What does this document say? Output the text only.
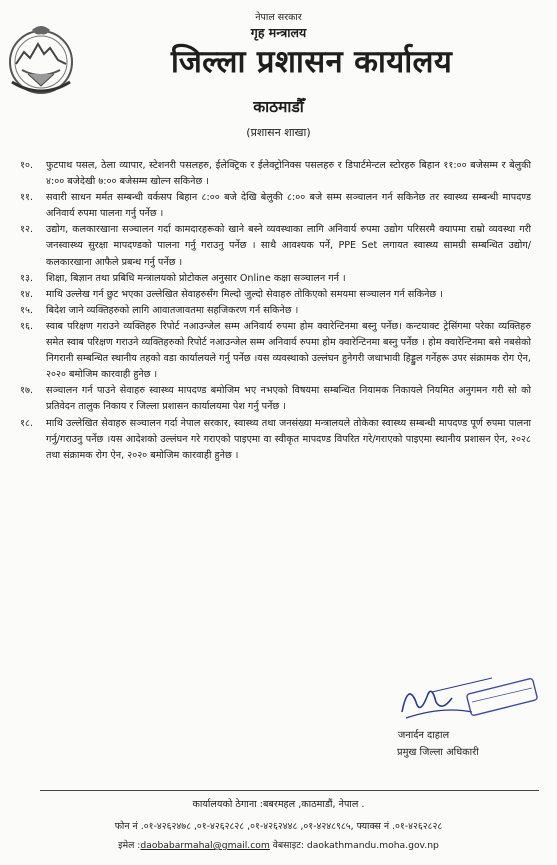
नेपाल सरकार
गृह मन्त्रालय
जिल्ला प्रशासन कार्यालय
काठमाडौँ
(प्रशासन शाखा)
१०.	फुटपाथ पसल, ठेला व्यापार, स्टेशनरी पसलहरु, ईलेक्ट्रिक र ईलेक्ट्रोनिक्स पसलहरु र डिपार्टमेन्टल स्टोरहरु बिहान ११:०० बजेसम्म र बेलुकी ४:०० बजेदेखी ७:०० बजेसम्म खोल्न सकिनेछ ।
११.	सवारी साधन मर्मत सम्बन्धी वर्कसप बिहान ८:०० बजे देखि बेलुकी ८:०० बजे सम्म सञ्चालन गर्न सकिनेछ तर स्वास्थ्य सम्बन्धी मापदण्ड अनिवार्य रुपमा पालना गर्नु पर्नेछ ।
१२.	उद्योग, कलकारखाना सञ्चालन गर्दा कामदारहरूको खाने बस्ने व्यवस्थाका लागि अनिवार्य रुपमा उद्योग परिसरमै क्यापमा राम्रो व्यवस्था गरी जनस्वास्थ्य सुरक्षा मापदण्डको पालना गर्नु गराउनु पर्नेछ । साथै आवश्यक पर्ने, PPE Set लगायत स्वास्थ्य सामग्री सम्बन्धित उद्योग/कलकारखाना आफैले प्रबन्ध गर्नु पर्नेछ ।
१३.	शिक्षा, बिज्ञान तथा प्रबिधि मन्त्रालयको प्रोटोकल अनुसार Online कक्षा सञ्चालन गर्न ।
१४.	माथि उल्लेख गर्न छुट भएका उल्लेखित सेवाहरुसँग मिल्दो जुल्दो सेवाहरु तोकिएको समयमा सञ्चालन गर्न सकिनेछ ।
१५.	बिदेश जाने व्यक्तिहरुको लागि आवातजावतमा सहजिकरण गर्न सकिनेछ ।
१६.	स्वाब परिक्षण गराउने व्यक्तिहरु रिपोर्ट नआउन्जेल सम्म अनिवार्य रुपमा होम क्वारेन्टिनमा बस्नु पर्नेछ। कन्टयाक्ट ट्रेसिंगमा परेका व्यक्तिहरु समेत स्वाब परिक्षण गराउने व्यक्तिहरुको रिपोर्ट नआउन्जेल सम्म अनिवार्य रुपमा होम क्वारेन्टिनमा बस्नु पर्नेछ । होम क्वारेन्टिनमा बसे नबसेको निगरानी सम्बन्धित स्थानीय तहको वडा कार्यालयले गर्नु पर्नेछ ।यस व्यवस्थाको उल्लंघन हुनेगरी जथाभावी हिड्डुल गर्नेहरू उपर संक्रामक रोग ऐन, २०२० बमोजिम कारवाही हुनेछ ।
१७.	सञ्चालन गर्न पाउने सेवाहरु स्वास्थ्य मापदण्ड बमोजिम भए नभएको विषयमा सम्बन्धित नियामक निकायले नियमित अनुगमन गरी सो को प्रतिवेदन तालुक निकाय र जिल्ला प्रशासन कार्यालयमा पेश गर्नु पर्नेछ ।
१८.	माथि उल्लेखित सेवाहरु सञ्चालन गर्दा नेपाल सरकार, स्वास्थ्य तथा जनसंख्या मन्त्रालयले तोकेका स्वास्थ्य सम्बन्धी मापदण्ड पूर्ण रुपमा पालना गर्नु/गराउनु पर्नेछ ।यस आदेशको उल्लंघन गरे गराएको पाइएमा वा स्वीकृत मापदण्ड विपरित गरे/गराएको पाइएमा स्थानीय प्रशासन ऐन, २०२८ तथा संक्रामक रोग ऐन, २०२० बमोजिम कारवाही हुनेछ ।
जनार्दन दाहाल
प्रमुख जिल्ला अधिकारी
कार्यालयको ठेगाना :बबरमहल ,काठमाडौं, नेपाल .
फोन नं .०१-४२६२४७८ ,०१-४२६२८२८ ,०१-४२६२४४८ ,०१-४२४८९८५, फ्याक्स नं .०१-४२६२८२८
इमेल :daobabarmahal@gmail.com वेबसाइट: daokathmandu.moha.gov.np
